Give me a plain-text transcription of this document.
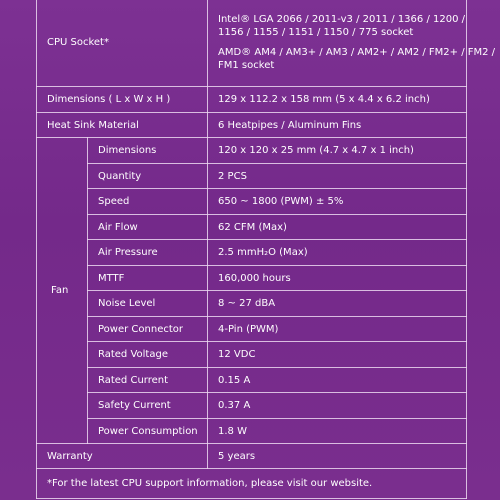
CPU Socket*		Intel® LGA 2066 / 2011-v3 / 2011 / 1366 / 1200 /
1156 / 1155 / 1151 / 1150 / 775 socket
AMD® AM4 / AM3+ / AM3 / AM2+ / AM2 / FM2+ / FM2 /
FM1 socket

Dimensions ( L x W x H )		129 x 112.2 x 158 mm (5 x 4.4 x 6.2 inch)
Heat Sink Material		6 Heatpipes / Aluminum Fins
Fan	Dimensions	120 x 120 x 25 mm (4.7 x 4.7 x 1 inch)
	Quantity	2 PCS
	Speed	650 ~ 1800 (PWM) ± 5%
	Air Flow	62 CFM (Max)
	Air Pressure	2.5 mmH₂O (Max)
	MTTF	160,000 hours
	Noise Level	8 ~ 27 dBA
	Power Connector	4-Pin (PWM)
	Rated Voltage	12 VDC
	Rated Current	0.15 A
	Safety Current	0.37 A
	Power Consumption	1.8 W
Warranty		5 years
*For the latest CPU support information, please visit our website.		
